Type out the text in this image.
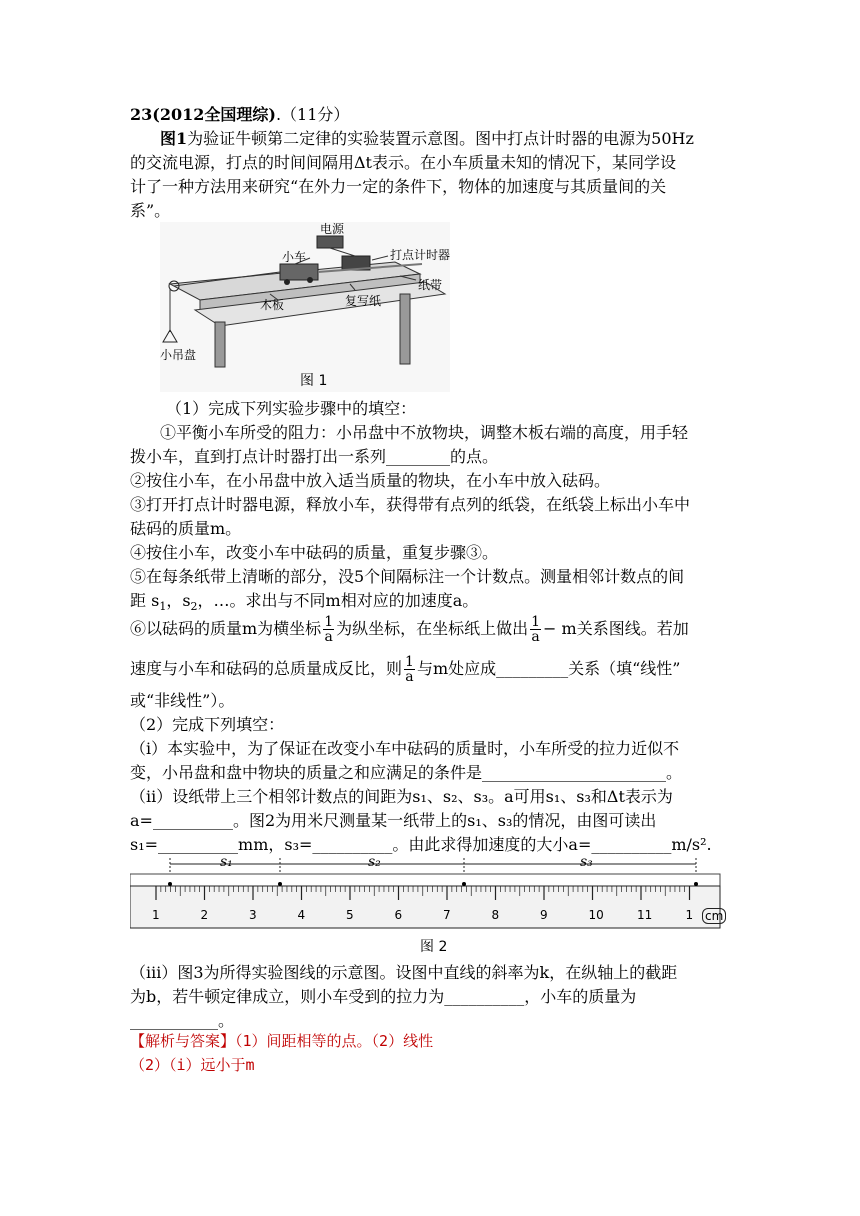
23(2012全国理综).（11分）
图1为验证牛顿第二定律的实验装置示意图。图中打点计时器的电源为50Hz
的交流电源，打点的时间间隔用Δt表示。在小车质量未知的情况下，某同学设
计了一种方法用来研究“在外力一定的条件下，物体的加速度与其质量间的关
系”。
电源
打点计时器
小车
纸带
木板	复写纸
小吊盘
图 1
（1）完成下列实验步骤中的填空：
①平衡小车所受的阻力：小吊盘中不放物块，调整木板右端的高度，用手轻
拨小车，直到打点计时器打出一系列________的点。
②按住小车，在小吊盘中放入适当质量的物块，在小车中放入砝码。
③打开打点计时器电源，释放小车，获得带有点列的纸袋，在纸袋上标出小车中
砝码的质量m。
④按住小车，改变小车中砝码的质量，重复步骤③。
⑤在每条纸带上清晰的部分，没5个间隔标注一个计数点。测量相邻计数点的间
距 $s_1$，$s_2$，…。求出与不同m相对应的加速度a。
⑥以砝码的质量m为横坐标 $\frac{1}{a}$ 为纵坐标，在坐标纸上做出 $\frac{1}{a} - m$关系图线。若加
速度与小车和砝码的总质量成反比，则 $\frac{1}{a}$ 与m处应成_________关系（填“线性”
或“非线性”）。
（2）完成下列填空：
（ⅰ）本实验中，为了保证在改变小车中砝码的质量时，小车所受的拉力近似不
变，小吊盘和盘中物块的质量之和应满足的条件是_______________________。
（ⅱ）设纸带上三个相邻计数点的间距为s₁、s₂、s₃。a可用s₁、s₃和Δt表示为
a=__________。图2为用米尺测量某一纸带上的s₁、s₃的情况，由图可读出
s₁=__________mm，s₃=__________。由此求得加速度的大小a=__________m/s².
s₁	s₂	s₃
1	2	3	4	5	6	7	8	9	10	11	1 cm
图 2
（ⅲ）图3为所得实验图线的示意图。设图中直线的斜率为k，在纵轴上的截距
为b，若牛顿定律成立，则小车受到的拉力为__________，小车的质量为
___________。
【解析与答案】（1）间距相等的点。（2）线性
（2）（i）远小于m
